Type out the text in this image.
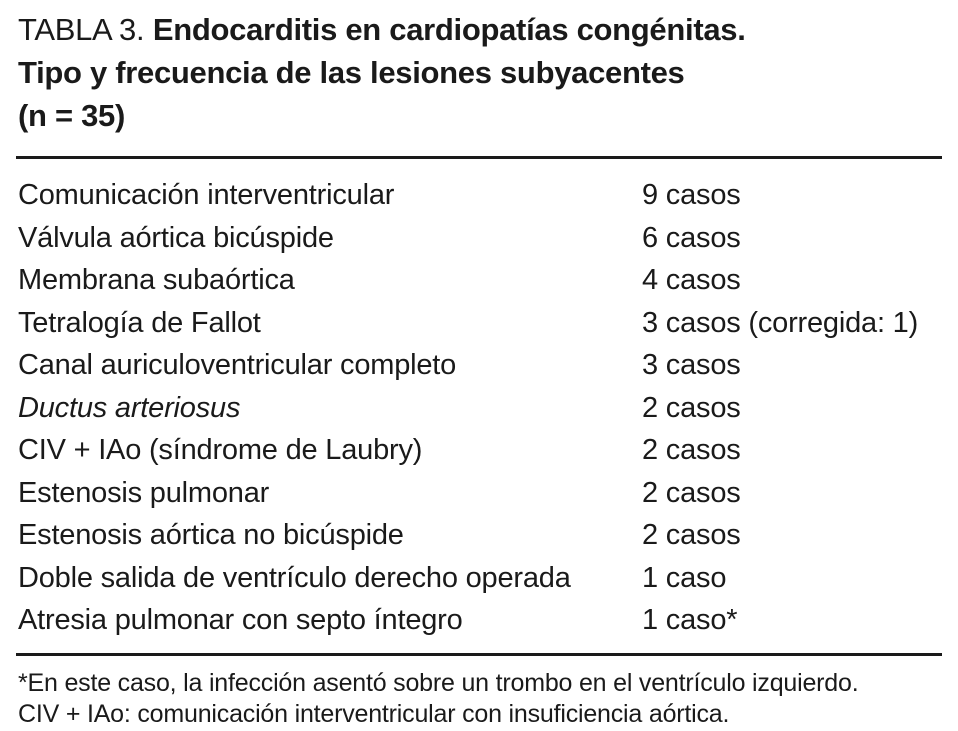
TABLA 3. Endocarditis en cardiopatías congénitas.
Tipo y frecuencia de las lesiones subyacentes
(n = 35)
Comunicación interventricular	9 casos
Válvula aórtica bicúspide	6 casos
Membrana subaórtica	4 casos
Tetralogía de Fallot	3 casos (corregida: 1)
Canal auriculoventricular completo	3 casos
Ductus arteriosus	2 casos
CIV + IAo (síndrome de Laubry)	2 casos
Estenosis pulmonar	2 casos
Estenosis aórtica no bicúspide	2 casos
Doble salida de ventrículo derecho operada 1 caso
Atresia pulmonar con septo íntegro	1 caso*
*En este caso, la infección asentó sobre un trombo en el ventrículo izquierdo.
CIV + IAo: comunicación interventricular con insuficiencia aórtica.
